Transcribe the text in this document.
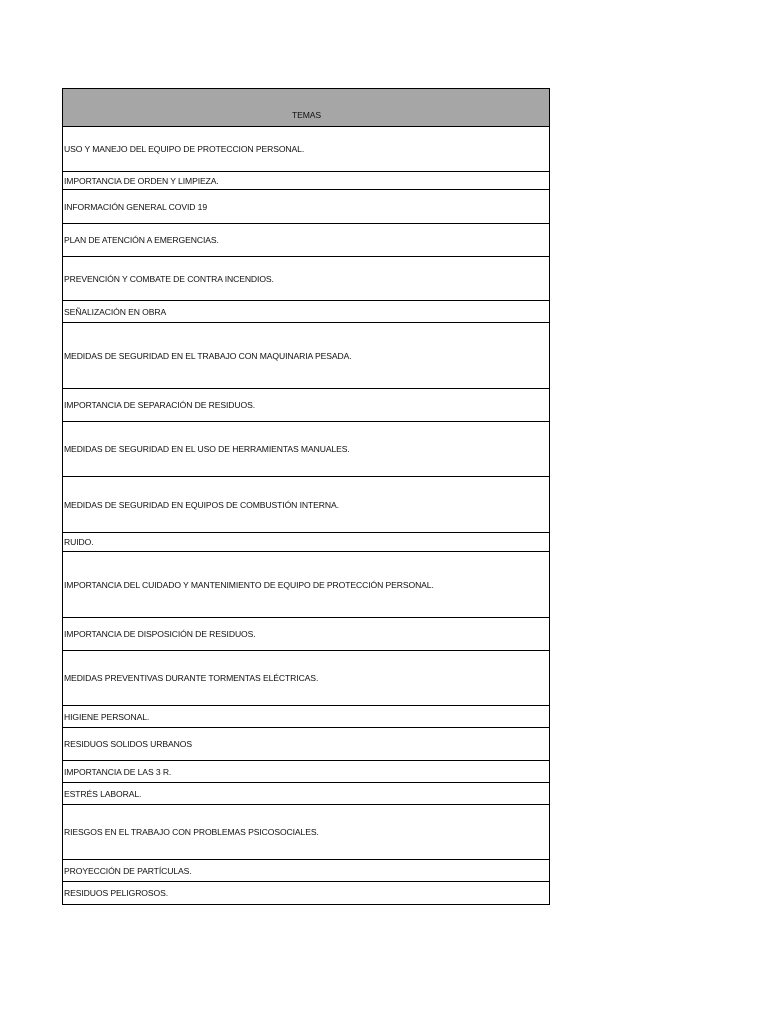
TEMAS
USO Y MANEJO DEL EQUIPO DE PROTECCION PERSONAL.
IMPORTANCIA DE ORDEN Y LIMPIEZA.
INFORMACIÓN GENERAL COVID 19
PLAN DE ATENCIÓN A EMERGENCIAS.
PREVENCIÓN Y COMBATE DE CONTRA INCENDIOS.
SEÑALIZACIÓN EN OBRA
MEDIDAS DE SEGURIDAD EN EL TRABAJO CON MAQUINARIA PESADA.
IMPORTANCIA DE SEPARACIÓN DE RESIDUOS.
MEDIDAS DE SEGURIDAD EN EL USO DE HERRAMIENTAS MANUALES.
MEDIDAS DE SEGURIDAD EN EQUIPOS DE COMBUSTIÓN INTERNA.
RUIDO.
IMPORTANCIA DEL CUIDADO Y MANTENIMIENTO DE EQUIPO DE PROTECCIÓN PERSONAL.
IMPORTANCIA DE DISPOSICIÓN DE RESIDUOS.
MEDIDAS PREVENTIVAS DURANTE TORMENTAS ELÉCTRICAS.
HIGIENE PERSONAL.
RESIDUOS SOLIDOS URBANOS
IMPORTANCIA DE LAS 3 R.
ESTRÉS LABORAL.
RIESGOS EN EL TRABAJO CON PROBLEMAS PSICOSOCIALES.
PROYECCIÓN DE PARTÍCULAS.
RESIDUOS PELIGROSOS.
